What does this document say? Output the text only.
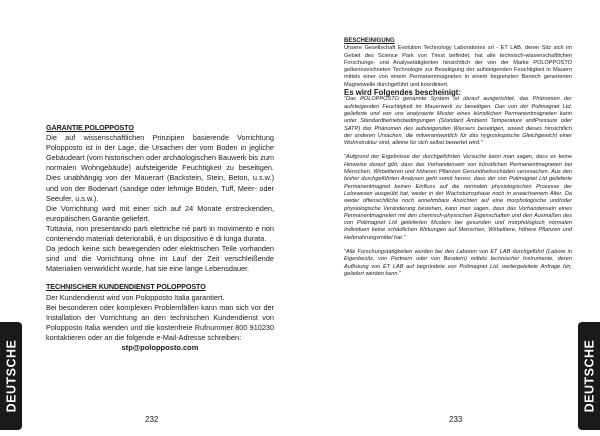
GARANTIE POLOPPOSTO

Die auf wissenschaftlichen Prinzipien basierende Vorrichtung Polopposto ist in der Lage, die Ursachen der vom Boden in jegliche Gebäudeart (vom historischen oder archäologischen Bauwerk bis zum normalen Wohngebäude) aufsteigende Feuchtigkeit zu beseitigen. Dies unabhängig von der Mauerart (Backstein, Stein, Beton, u.s.w.) und von der Bodenart (sandige oder lehmige Böden, Tuff, Meer- oder Seeufer, u.s.w.).

Die Vorrichtung wird mit einer sich auf 24 Monate erstreckenden, europäischen Garantie geliefert.

Tuttavia, non presentando parti elettriche né parti in movimento e non contenendo materiali deteriorabili, è un dispositivo è di lunga durata.

Da jedoch keine sich bewegenden oder elektrischen Teile vorhanden sind und die Vorrichtung ohne im Lauf der Zeit verschleißende Materialien verwirklicht wurde, hat sie eine lange Lebensdauer.

TECHNISCHER KUNDENDIENST POLOPPOSTO

Der Kundendienst wird von Polopposto Italia garantiert.

Bei besonderen oder komplexen Problemfällen kann man sich vor der Installation der Vorrichtung an den technischen Kundendienst von Polopposto Italia wenden und die kostenfreie Rufnummer 800 910230 kontaktieren oder an die folgende e-Mail-Adresse schreiben:

stp@polopposto.com

232
DEUTSCHE
233

BESCHEINIGUNG

Unsere Gesellschaft Evolution Technology Laboratories srl - ET LAB, deren Sitz sich im Gebiet des Science Park von Triest befindet, hat alle technisch-wissenschaftlichen Forschungs- und Analysetätigkeiten hinsichtlich der von der Marke POLOPPOSTO gelkennzeichneten Technologie zur Beseitigung der aufsteigenden Feuchtigkeit in Mauern mittels einer von einem Permanentmagneten in einem begrenzten Bereich generierten Magnetwelle durchgeführt und koordiniert.

Es wird Folgendes bescheinigt:

"Das POLOPPOSTO genannte System ist darauf ausgerichtet, das Phänomen der aufsteigenden Feuchtigkeit im Mauerwerk zu beseitigen. Das von der Polimagnet Ltd. gelieferte und von uns analysierte Muster eines künstlichen Permanentmagneten kann unter Standardbetriebsbedingungen (Standard Ambient Temperature andPressure oder SATP) das Phänomen des aufsteigenden Wassers beseitigen, soweit dieses hinsichtlich der anderen Ursachen, die mitverantwortlich für das hygroskopische Gleichgewicht einer Wohnstruktur sind, alleine für sich selbst bewertet wird."

"Aufgrund der Ergebnisse der durchgeführten Versuche kann man sagen, dass es keine Hinweise darauf gibt, dass das Vorhandensein von künstlichen Permanentmagneten bei Menschen, Wirbeltieren und höheren Pflanzen Gesundheitsschäden verursachen. Aus den bisher durchgeführten Analysen geht somit hervor, dass der von Polimagnet Ltd gelieferte Permanentmagnet keinen Einfluss auf die normalen physiologischen Prozesse der Lebewesen ausgeübt hat, weder in der Wachstumsphase noch in erwachsenem Alter. Da weder offensichtliche noch annehmbare Anzichten auf eine morphologische und/oder physiologische Veränderung bestehen, kann man sagen, dass das Vorhandensein eines Permanentmagneten mit den chemisch-physischen Eigenschaften und den Ausmaßen des von Polimagnet Ltd gelieferten Musters bei gesunden und morphologisch normalen Individuen keine schädlichen Wirkungen auf Menschen, Wirbeltiere, höhere Pflanzen und Hefenahrungsmittel hat."

"Alle Forschungstätigkeiten wurden bei den Laboren von ET LAB durchgeführt (Labore in Eigenbesitz, von Partnern oder von Beratern) mittels technischer Instrumente, deren Auflistung von ET LAB auf begründete von Polimagnet Ltd. weitergeleitete Anfrage hin, geliefert werden kann."

DEUTSCHE
